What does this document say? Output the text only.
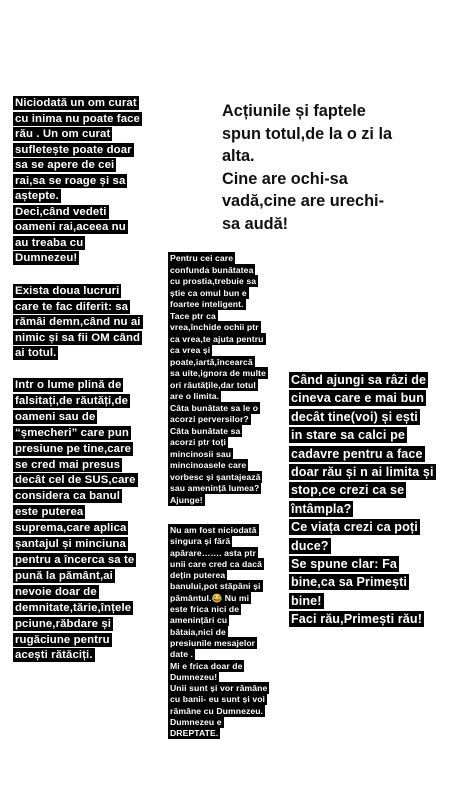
Acțiunile și faptele
spun totul,de la o zi la
alta.
Cine are ochi-sa
vadă,cine are urechi-
sa audă!

Niciodată un om curat
cu inima nu poate face
rău . Un om curat
sufletește poate doar
sa se apere de cei
rai,sa se roage și sa
aștepte.
Deci,când vedeti
oameni rai,aceea nu
au treaba cu
Dumnezeu!

Exista doua lucruri
care te fac diferit: sa
rămâi demn,când nu ai
nimic și sa fii OM când
ai totul.

Intr o lume plină de
falsitați,de răutăți,de
oameni sau de
“șmecheri” care pun
presiune pe tine,care
se cred mai presus
decât cel de SUS,care
considera ca banul
este puterea
suprema,care aplica
șantajul și minciuna
pentru a încerca sa te
pună la pământ,ai
nevoie doar de
demnitate,tărie,înțele
pciune,răbdare și
rugăciune pentru
acești rătăciți.

Pentru cei care
confunda bunătatea
cu prostia,trebuie sa
știe ca omul bun e
foartee inteligent.
Tace ptr ca
vrea,închide ochii ptr
ca vrea,te ajuta pentru
ca vrea și
poate,iartă,încearcă
sa uite,ignora de multe
ori răutățile,dar totul
are o limita.
Câta bunătate sa le o
acorzi perversilor?
Câta bunătate sa
acorzi ptr toți
mincinosii sau
mincinoasele care
vorbesc și șantajează
sau amenință lumea?
Ajunge!

Nu am fost niciodată
singura și fără
apărare……. asta ptr
unii care cred ca dacă
dețin puterea
banului,pot stăpâni și
pământul.😂 Nu mi
este frica nici de
amenințări cu
bătaia,nici de
presiunile mesajelor
date .
Mi e frica doar de
Dumnezeu!
Unii sunt și vor rămâne
cu banii- eu sunt și voi
rămâne cu Dumnezeu.
Dumnezeu e
DREPTATE.

Când ajungi sa râzi de
cineva care e mai bun
decât tine(voi) și ești
in stare sa calci pe
cadavre pentru a face
doar rău și n ai limita și
stop,ce crezi ca se
întâmpla?
Ce viața crezi ca poți
duce?
Se spune clar: Fa
bine,ca sa Primești
bine!
Faci rău,Primești rău!
